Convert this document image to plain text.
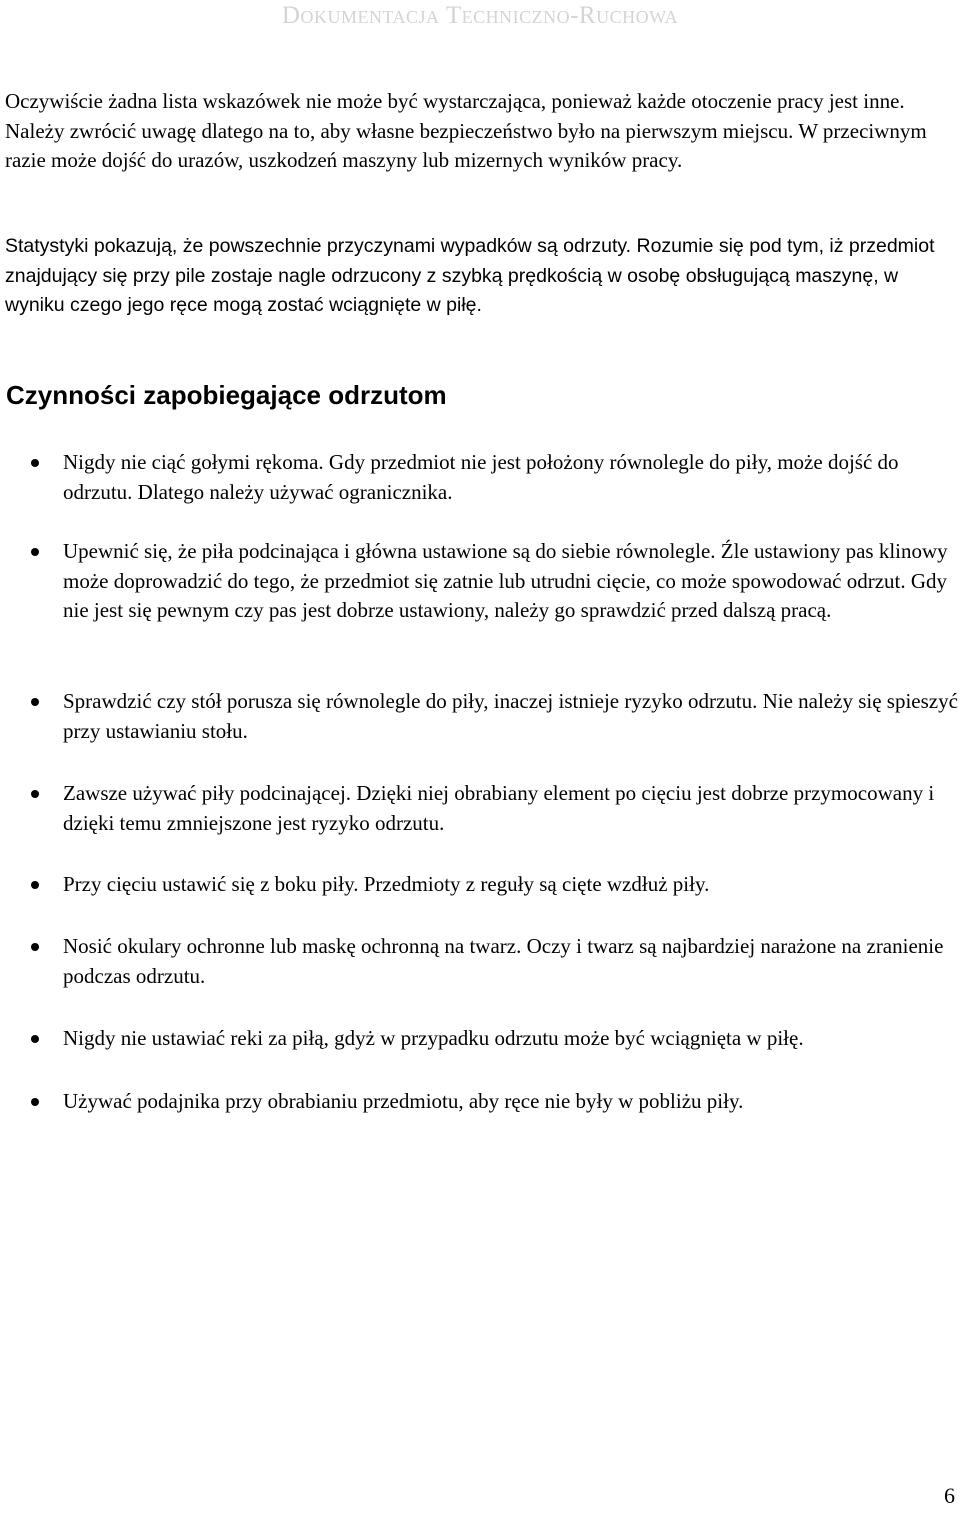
Dokumentacja Techniczno-Ruchowa

Oczywiście żadna lista wskazówek nie może być wystarczająca, ponieważ każde otoczenie pracy jest inne. Należy zwrócić uwagę dlatego na to, aby własne bezpieczeństwo było na pierwszym miejscu. W przeciwnym razie może dojść do urazów, uszkodzeń maszyny lub mizernych wyników pracy.

Statystyki pokazują, że powszechnie przyczynami wypadków są odrzuty. Rozumie się pod tym, iż przedmiot znajdujący się przy pile zostaje nagle odrzucony z szybką prędkością w osobę obsługującą maszynę, w wyniku czego jego ręce mogą zostać wciągnięte w piłę.

Czynności zapobiegające odrzutom

Nigdy nie ciąć gołymi rękoma. Gdy przedmiot nie jest położony równolegle do piły, może dojść do odrzutu. Dlatego należy używać ogranicznika.

Upewnić się, że piła podcinająca i główna ustawione są do siebie równolegle. Źle ustawiony pas klinowy może doprowadzić do tego, że przedmiot się zatnie lub utrudni cięcie, co może spowodować odrzut. Gdy nie jest się pewnym czy pas jest dobrze ustawiony, należy go sprawdzić przed dalszą pracą.

Sprawdzić czy stół porusza się równolegle do piły, inaczej istnieje ryzyko odrzutu. Nie należy się spieszyć przy ustawianiu stołu.

Zawsze używać piły podcinającej. Dzięki niej obrabiany element po cięciu jest dobrze przymocowany i dzięki temu zmniejszone jest ryzyko odrzutu.

Przy cięciu ustawić się z boku piły. Przedmioty z reguły są cięte wzdłuż piły.

Nosić okulary ochronne lub maskę ochronną na twarz. Oczy i twarz są najbardziej narażone na zranienie podczas odrzutu.

Nigdy nie ustawiać reki za piłą, gdyż w przypadku odrzutu może być wciągnięta w piłę.

Używać podajnika przy obrabianiu przedmiotu, aby ręce nie były w pobliżu piły.

6
